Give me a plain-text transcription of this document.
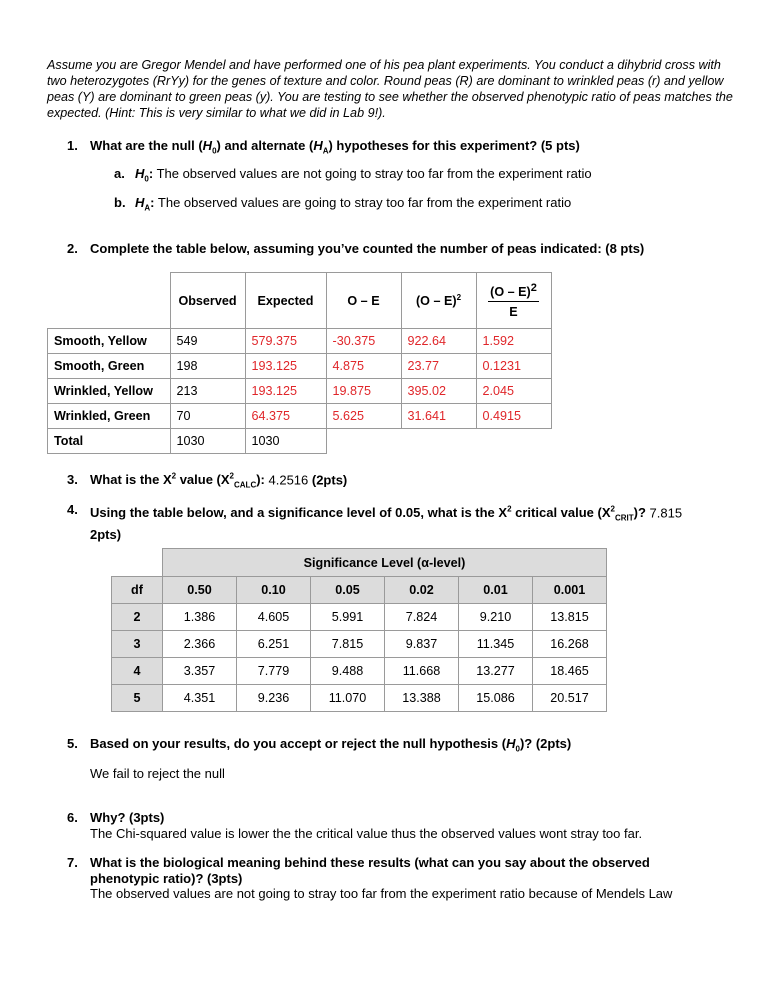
Assume you are Gregor Mendel and have performed one of his pea plant experiments. You conduct a dihybrid cross with two heterozygotes (RrYy) for the genes of texture and color. Round peas (R) are dominant to wrinkled peas (r) and yellow peas (Y) are dominant to green peas (y). You are testing to see whether the observed phenotypic ratio of peas matches the expected. (Hint: This is very similar to what we did in Lab 9!).
1. What are the null $(H_0)$ and alternate $(H_A)$ hypotheses for this experiment? (5 pts)
a. $H_0$: The observed values are not going to stray too far from the experiment ratio
b. $H_A$: The observed values are going to stray too far from the experiment ratio
2. Complete the table below, assuming you’ve counted the number of peas indicated: (8 pts)
	Observed	Expected	O – E	(O – E)$^2$	$\frac{(O - E)^2}{E}$

Smooth, Yellow	549	579.375	-30.375	922.64	1.592
Smooth, Green	198	193.125	4.875	23.77	0.1231
Wrinkled, Yellow	213	193.125	19.875	395.02	2.045
Wrinkled, Green	70	64.375	5.625	31.641	0.4915
Total	1030	1030			
3. What is the $X^2$ value $(X^2_{CALC})$: 4.2516 (2pts)
4. Using the table below, and a significance level of 0.05, what is the $X^2$ critical value $(X^2_{CRIT})$? 7.815
2pts)
	Significance Level (α-level)					
df	0.50	0.10	0.05	0.02	0.01	0.001
2	1.386	4.605	5.991	7.824	9.210	13.815
3	2.366	6.251	7.815	9.837	11.345	16.268
4	3.357	7.779	9.488	11.668	13.277	18.465
5	4.351	9.236	11.070	13.388	15.086	20.517
5. Based on your results, do you accept or reject the null hypothesis $(H_0)$? (2pts)
We fail to reject the null
6. Why? (3pts)
The Chi-squared value is lower the the critical value thus the observed values wont stray too far.
7. What is the biological meaning behind these results (what can you say about the observed
phenotypic ratio)? (3pts)
The observed values are not going to stray too far from the experiment ratio because of Mendels Law
